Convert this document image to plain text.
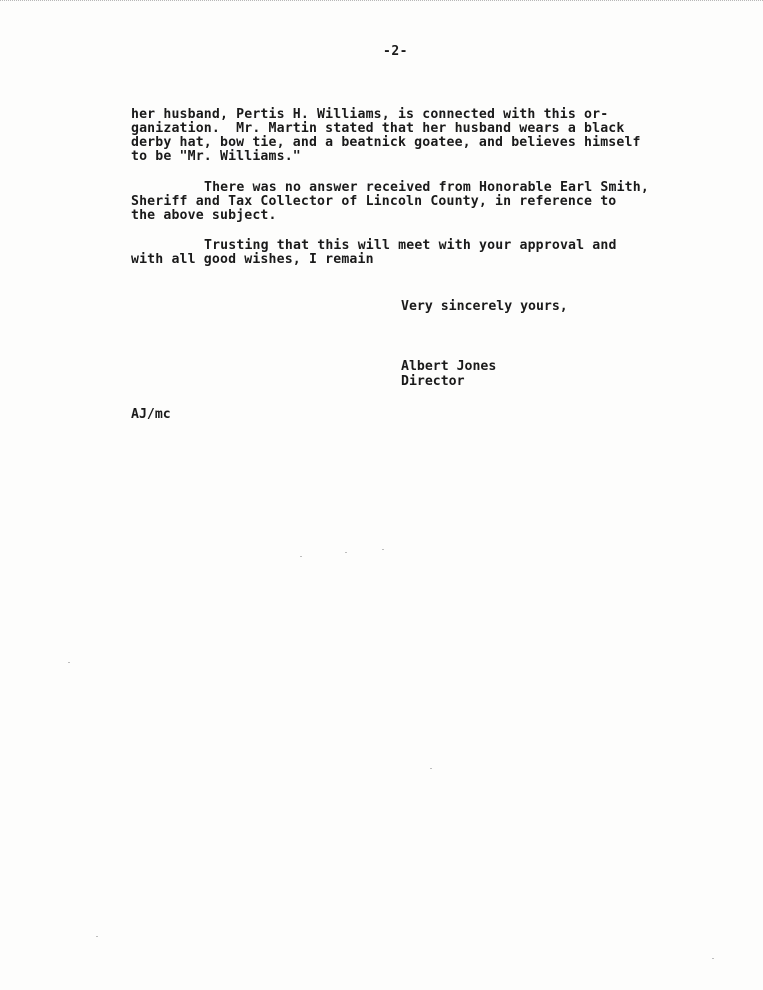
-2-
her husband, Pertis H. Williams, is connected with this or-
ganization.  Mr. Martin stated that her husband wears a black
derby hat, bow tie, and a beatnick goatee, and believes himself
to be "Mr. Williams."
There was no answer received from Honorable Earl Smith,
Sheriff and Tax Collector of Lincoln County, in reference to
the above subject.
Trusting that this will meet with your approval and
with all good wishes, I remain
Very sincerely yours,
Albert Jones
Director
AJ/mc
